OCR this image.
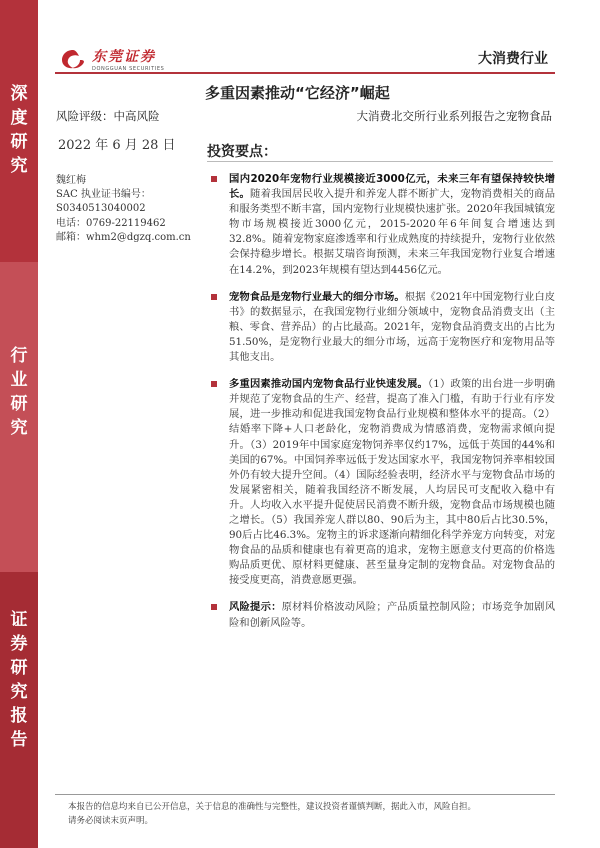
深
度
研
究
行
业
研
究
证
券
研
究
报
告
东莞证券
DONGGUAN SECURITIES
大消费行业
多重因素推动“它经济”崛起
风险评级：中高风险	大消费北交所行业系列报告之宠物食品
2022 年 6 月 28 日
魏红梅
SAC 执业证书编号：
S0340513040002
电话：0769-22119462
邮箱：whm2@dgzq.com.cn
投资要点：
国内2020年宠物行业规模接近3000亿元，未来三年有望保持较快增长。随着我国居民收入提升和养宠人群不断扩大，宠物消费相关的商品和服务类型不断丰富，国内宠物行业规模快速扩张。2020年我国城镇宠物市场规模接近3000亿元，2015-2020年6年间复合增速达到32.8%。随着宠物家庭渗透率和行业成熟度的持续提升，宠物行业依然会保持稳步增长。根据艾瑞咨询预测，未来三年我国宠物行业复合增速在14.2%，到2023年规模有望达到4456亿元。
宠物食品是宠物行业最大的细分市场。根据《2021年中国宠物行业白皮书》的数据显示，在我国宠物行业细分领域中，宠物食品消费支出（主粮、零食、营养品）的占比最高。2021年，宠物食品消费支出的占比为51.50%，是宠物行业最大的细分市场，远高于宠物医疗和宠物用品等其他支出。
多重因素推动国内宠物食品行业快速发展。（1）政策的出台进一步明确并规范了宠物食品的生产、经营，提高了准入门槛，有助于行业有序发展，进一步推动和促进我国宠物食品行业规模和整体水平的提高。（2）结婚率下降+人口老龄化，宠物消费成为情感消费，宠物需求倾向提升。（3）2019年中国家庭宠物饲养率仅约17%，远低于英国的44%和美国的67%。中国饲养率远低于发达国家水平，我国宠物饲养率相较国外仍有较大提升空间。（4）国际经验表明，经济水平与宠物食品市场的发展紧密相关，随着我国经济不断发展，人均居民可支配收入稳中有升。人均收入水平提升促使居民消费不断升级，宠物食品市场规模也随之增长。（5）我国养宠人群以80、90后为主，其中80后占比30.5%，90后占比46.3%。宠物主的诉求逐渐向精细化科学养宠方向转变，对宠物食品的品质和健康也有着更高的追求，宠物主愿意支付更高的价格选购品质更优、原材料更健康、甚至量身定制的宠物食品。对宠物食品的接受度更高，消费意愿更强。
风险提示：原材料价格波动风险；产品质量控制风险；市场竞争加剧风险和创新风险等。
本报告的信息均来自已公开信息，关于信息的准确性与完整性，建议投资者谨慎判断，据此入市，风险自担。
请务必阅读末页声明。
